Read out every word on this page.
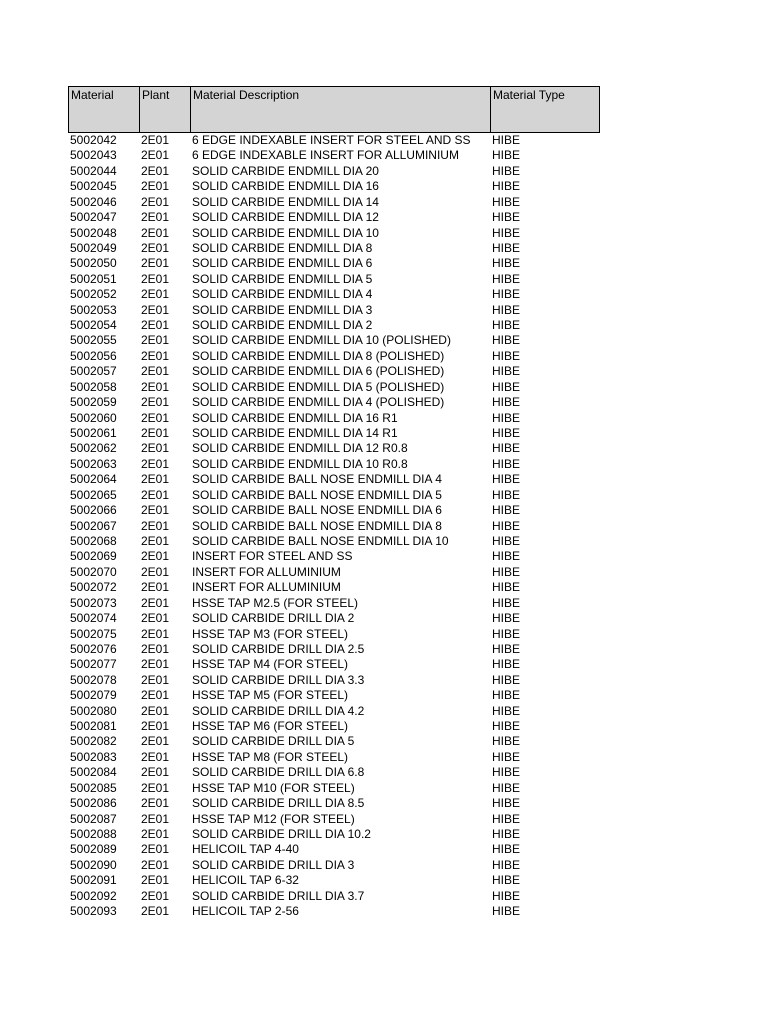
Material	Plant	Material Description	Material Type
5002042	2E01	6 EDGE INDEXABLE INSERT FOR STEEL AND SS	HIBE
5002043	2E01	6 EDGE INDEXABLE INSERT FOR ALLUMINIUM	HIBE
5002044	2E01	SOLID CARBIDE ENDMILL DIA 20	HIBE
5002045	2E01	SOLID CARBIDE ENDMILL DIA 16	HIBE
5002046	2E01	SOLID CARBIDE ENDMILL DIA 14	HIBE
5002047	2E01	SOLID CARBIDE ENDMILL DIA 12	HIBE
5002048	2E01	SOLID CARBIDE ENDMILL DIA 10	HIBE
5002049	2E01	SOLID CARBIDE ENDMILL DIA 8	HIBE
5002050	2E01	SOLID CARBIDE ENDMILL DIA 6	HIBE
5002051	2E01	SOLID CARBIDE ENDMILL DIA 5	HIBE
5002052	2E01	SOLID CARBIDE ENDMILL DIA 4	HIBE
5002053	2E01	SOLID CARBIDE ENDMILL DIA 3	HIBE
5002054	2E01	SOLID CARBIDE ENDMILL DIA 2	HIBE
5002055	2E01	SOLID CARBIDE ENDMILL DIA 10 (POLISHED)	HIBE
5002056	2E01	SOLID CARBIDE ENDMILL DIA 8 (POLISHED)	HIBE
5002057	2E01	SOLID CARBIDE ENDMILL DIA 6 (POLISHED)	HIBE
5002058	2E01	SOLID CARBIDE ENDMILL DIA 5 (POLISHED)	HIBE
5002059	2E01	SOLID CARBIDE ENDMILL DIA 4 (POLISHED)	HIBE
5002060	2E01	SOLID CARBIDE ENDMILL DIA 16 R1	HIBE
5002061	2E01	SOLID CARBIDE ENDMILL DIA 14 R1	HIBE
5002062	2E01	SOLID CARBIDE ENDMILL DIA 12 R0.8	HIBE
5002063	2E01	SOLID CARBIDE ENDMILL DIA 10 R0.8	HIBE
5002064	2E01	SOLID CARBIDE BALL NOSE ENDMILL DIA 4	HIBE
5002065	2E01	SOLID CARBIDE BALL NOSE ENDMILL DIA 5	HIBE
5002066	2E01	SOLID CARBIDE BALL NOSE ENDMILL DIA 6	HIBE
5002067	2E01	SOLID CARBIDE BALL NOSE ENDMILL DIA 8	HIBE
5002068	2E01	SOLID CARBIDE BALL NOSE ENDMILL DIA 10	HIBE
5002069	2E01	INSERT FOR STEEL AND SS	HIBE
5002070	2E01	INSERT FOR ALLUMINIUM	HIBE
5002072	2E01	INSERT FOR ALLUMINIUM	HIBE
5002073	2E01	HSSE TAP M2.5 (FOR STEEL)	HIBE
5002074	2E01	SOLID CARBIDE DRILL DIA 2	HIBE
5002075	2E01	HSSE TAP M3 (FOR STEEL)	HIBE
5002076	2E01	SOLID CARBIDE DRILL DIA 2.5	HIBE
5002077	2E01	HSSE TAP M4 (FOR STEEL)	HIBE
5002078	2E01	SOLID CARBIDE DRILL DIA 3.3	HIBE
5002079	2E01	HSSE TAP M5 (FOR STEEL)	HIBE
5002080	2E01	SOLID CARBIDE DRILL DIA 4.2	HIBE
5002081	2E01	HSSE TAP M6 (FOR STEEL)	HIBE
5002082	2E01	SOLID CARBIDE DRILL DIA 5	HIBE
5002083	2E01	HSSE TAP M8 (FOR STEEL)	HIBE
5002084	2E01	SOLID CARBIDE DRILL DIA 6.8	HIBE
5002085	2E01	HSSE TAP M10 (FOR STEEL)	HIBE
5002086	2E01	SOLID CARBIDE DRILL DIA 8.5	HIBE
5002087	2E01	HSSE TAP M12 (FOR STEEL)	HIBE
5002088	2E01	SOLID CARBIDE DRILL DIA 10.2	HIBE
5002089	2E01	HELICOIL TAP 4-40	HIBE
5002090	2E01	SOLID CARBIDE DRILL DIA 3	HIBE
5002091	2E01	HELICOIL TAP 6-32	HIBE
5002092	2E01	SOLID CARBIDE DRILL DIA 3.7	HIBE
5002093	2E01	HELICOIL TAP 2-56	HIBE
